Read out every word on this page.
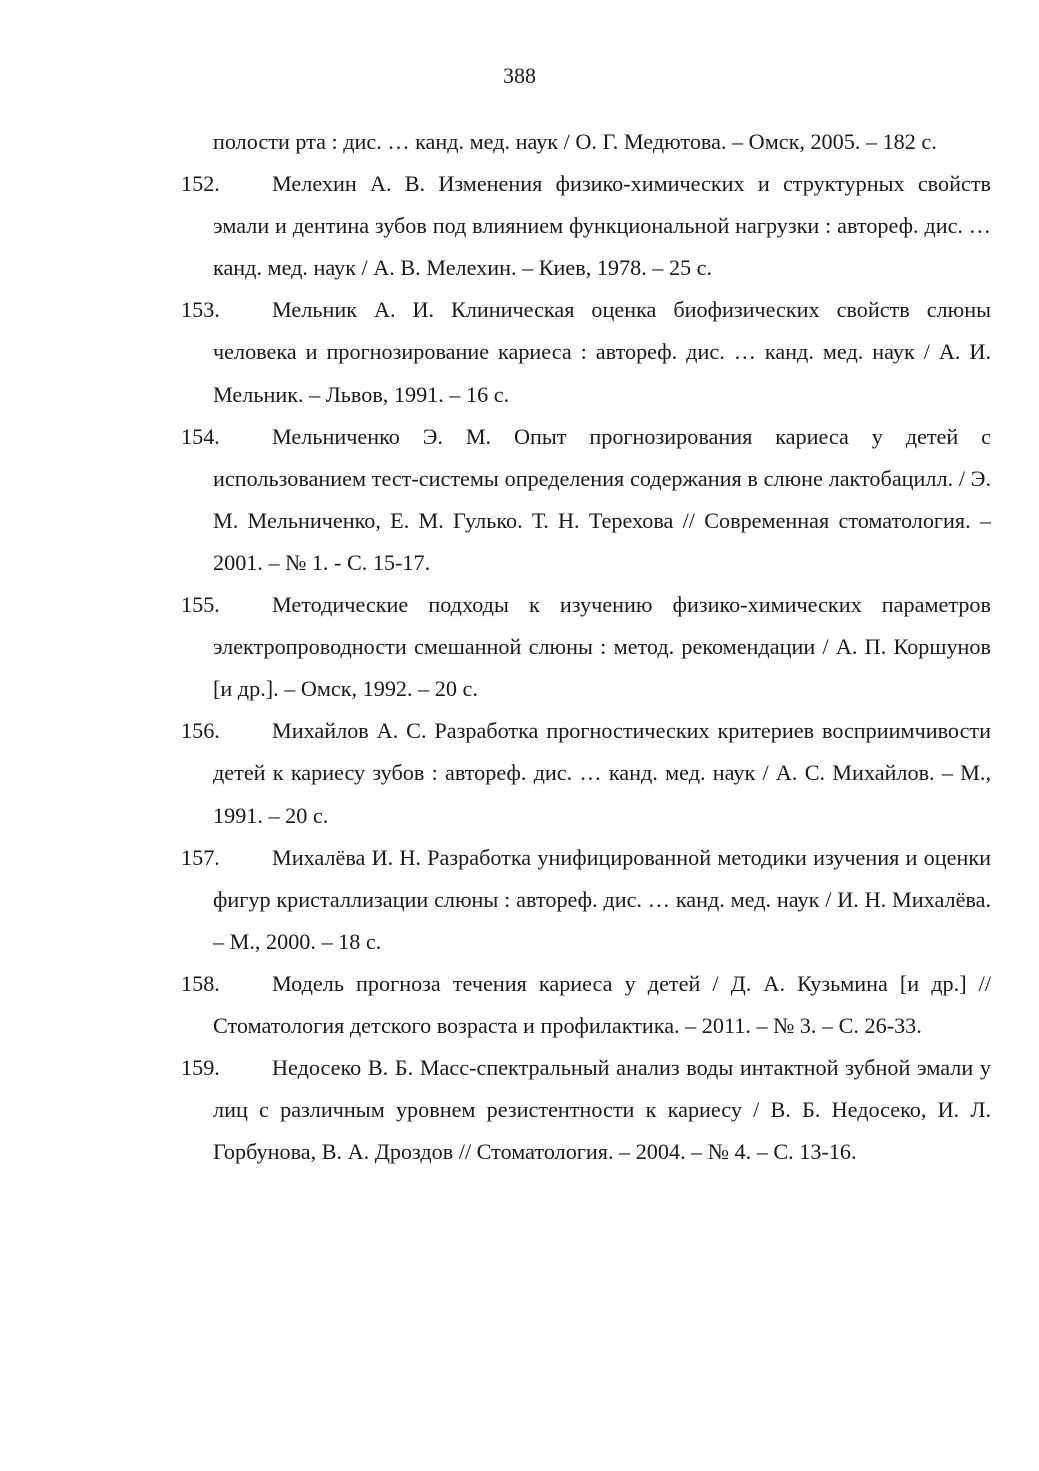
388
полости рта : дис. … канд. мед. наук / О. Г. Медютова. – Омск, 2005. – 182 с.
152.	Мелехин А. В. Изменения физико-химических и структурных свойств эмали и дентина зубов под влиянием функциональной нагрузки : автореф. дис. … канд. мед. наук / А. В. Мелехин. – Киев, 1978. – 25 с.
153.	Мельник А. И. Клиническая оценка биофизических свойств слюны человека и прогнозирование кариеса : автореф. дис. … канд. мед. наук / А. И. Мельник. – Львов, 1991. – 16 с.
154.	Мельниченко Э. М. Опыт прогнозирования кариеса у детей с использованием тест-системы определения содержания в слюне лактобацилл. / Э. М. Мельниченко, Е. М. Гулько. Т. Н. Терехова // Современная стоматология. – 2001. – № 1. - С. 15-17.
155.	Методические подходы к изучению физико-химических параметров электропроводности смешанной слюны : метод. рекомендации / А. П. Коршунов [и др.]. – Омск, 1992. – 20 с.
156.	Михайлов А. С. Разработка прогностических критериев восприимчивости детей к кариесу зубов : автореф. дис. … канд. мед. наук / А. С. Михайлов. – М., 1991. – 20 с.
157.	Михалёва И. Н. Разработка унифицированной методики изучения и оценки фигур кристаллизации слюны : автореф. дис. … канд. мед. наук / И. Н. Михалёва. – М., 2000. – 18 с.
158.	Модель прогноза течения кариеса у детей / Д. А. Кузьмина [и др.] // Стоматология детского возраста и профилактика. – 2011. – № 3. – С. 26-33.
159.	Недосеко В. Б. Масс-спектральный анализ воды интактной зубной эмали у лиц с различным уровнем резистентности к кариесу / В. Б. Недосеко, И. Л. Горбунова, В. А. Дроздов // Стоматология. – 2004. – № 4. – С. 13-16.
